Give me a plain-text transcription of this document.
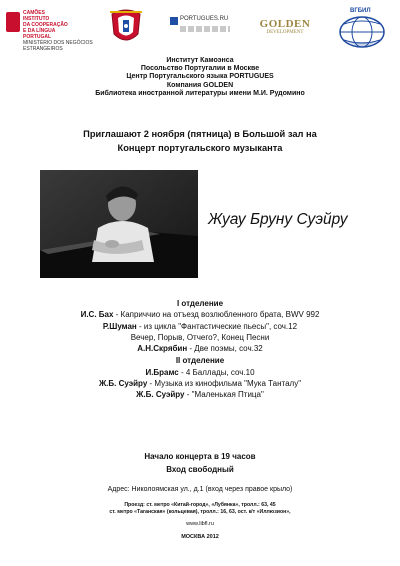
CAMÕES
INSTITUTO
DA COOPERAÇÃO
E DA LÍNGUA
PORTUGAL
MINISTÉRIO DOS NEGÓCIOS ESTRANGEIROS
PORTUGUES.RU	GOLDEN
DEVELOPMENT
ВГБИЛ
Институт Камоэнса
Посольство Португалии в Москве
Центр Португальского языка PORTUGUES
Компания GOLDEN
Библиотека иностранной литературы имени М.И. Рудомино
Приглашают 2 ноября (пятница) в Большой зал на
Концерт португальского музыканта
Жуау Бруну Суэйру
I отделение
И.С. Бах - Каприччио на отъезд возлюбленного брата, BWV 992
Р.Шуман - из цикла "Фантастические пьесы", соч.12
Вечер, Порыв, Отчего?, Конец Песни
А.Н.Скрябин - Две поэмы, соч.32
II отделение
И.Брамс - 4 Баллады, соч.10
Ж.Б. Суэйру - Музыка из кинофильма "Мука Танталу"
Ж.Б. Суэйру - "Маленькая Птица"
Начало концерта в 19 часов
Вход свободный
Адрес: Николоямская ул., д.1 (вход через правое крыло)
Проезд: ст. метро «Китай-город», «Лубянка», тролл.: 63, 45
ст. метро «Таганская» (кольцевая), тролл.: 16, 63, ост. к/т «Иллюзион»,
www.libfl.ru
МОСКВА 2012
